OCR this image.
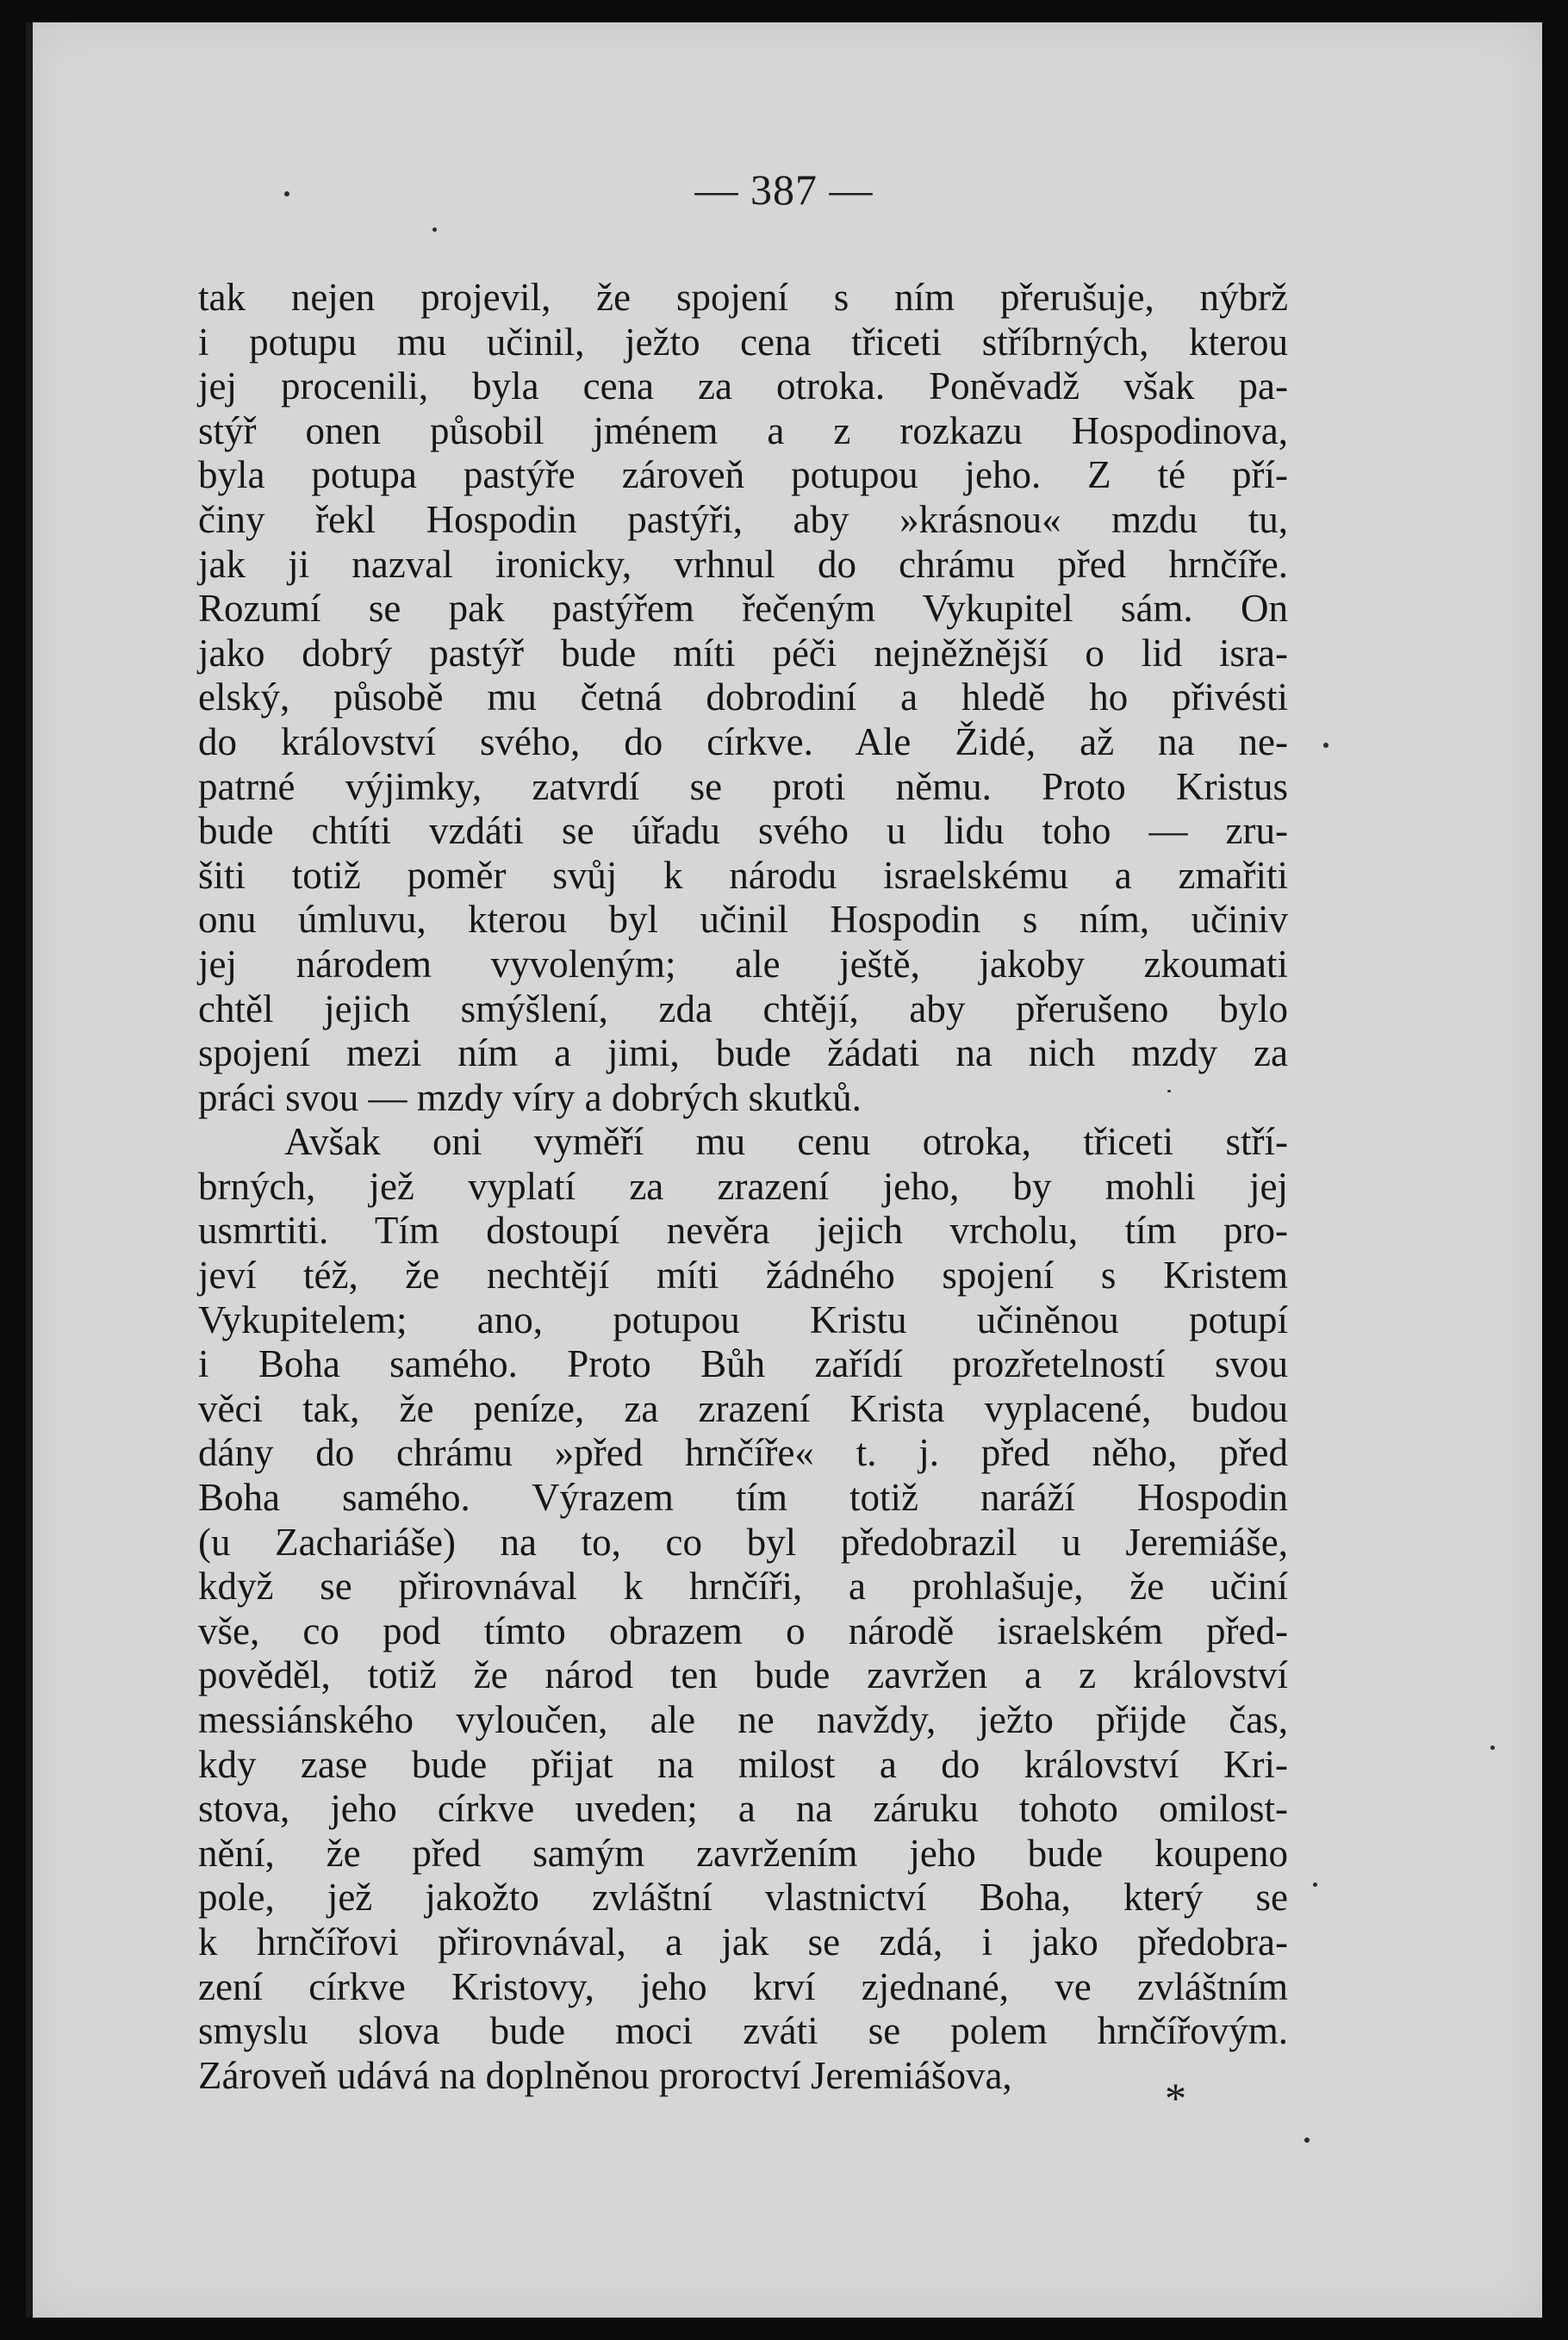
— 387 —
tak nejen projevil, že spojení s ním přerušuje, nýbrž
i potupu mu učinil, ježto cena třiceti stříbrných, kterou
jej procenili, byla cena za otroka. Poněvadž však pa-
stýř onen působil jménem a z rozkazu Hospodinova,
byla potupa pastýře zároveň potupou jeho. Z té pří-
činy řekl Hospodin pastýři, aby »krásnou« mzdu tu,
jak ji nazval ironicky, vrhnul do chrámu před hrnčíře.
Rozumí se pak pastýřem řečeným Vykupitel sám. On
jako dobrý pastýř bude míti péči nejněžnější o lid isra-
elský, působě mu četná dobrodiní a hledě ho přivésti
do království svého, do církve. Ale Židé, až na ne-
patrné výjimky, zatvrdí se proti němu. Proto Kristus
bude chtíti vzdáti se úřadu svého u lidu toho — zru-
šiti totiž poměr svůj k národu israelskému a zmařiti
onu úmluvu, kterou byl učinil Hospodin s ním, učiniv
jej národem vyvoleným; ale ještě, jakoby zkoumati
chtěl jejich smýšlení, zda chtějí, aby přerušeno bylo
spojení mezi ním a jimi, bude žádati na nich mzdy za
práci svou — mzdy víry a dobrých skutků.
Avšak oni vyměří mu cenu otroka, třiceti stří-
brných, jež vyplatí za zrazení jeho, by mohli jej
usmrtiti. Tím dostoupí nevěra jejich vrcholu, tím pro-
jeví též, že nechtějí míti žádného spojení s Kristem
Vykupitelem; ano, potupou Kristu učiněnou potupí
i Boha samého. Proto Bůh zařídí prozřetelností svou
věci tak, že peníze, za zrazení Krista vyplacené, budou
dány do chrámu »před hrnčíře« t. j. před něho, před
Boha samého. Výrazem tím totiž naráží Hospodin
(u Zachariáše) na to, co byl předobrazil u Jeremiáše,
když se přirovnával k hrnčíři, a prohlašuje, že učiní
vše, co pod tímto obrazem o národě israelském před-
pověděl, totiž že národ ten bude zavržen a z království
messiánského vyloučen, ale ne navždy, ježto přijde čas,
kdy zase bude přijat na milost a do království Kri-
stova, jeho církve uveden; a na záruku tohoto omilost-
nění, že před samým zavržením jeho bude koupeno
pole, jež jakožto zvláštní vlastnictví Boha, který se
k hrnčířovi přirovnával, a jak se zdá, i jako předobra-
zení církve Kristovy, jeho krví zjednané, ve zvláštním
smyslu slova bude moci zváti se polem hrnčířovým.
Zároveň udává na doplněnou proroctví Jeremiášova,	*
